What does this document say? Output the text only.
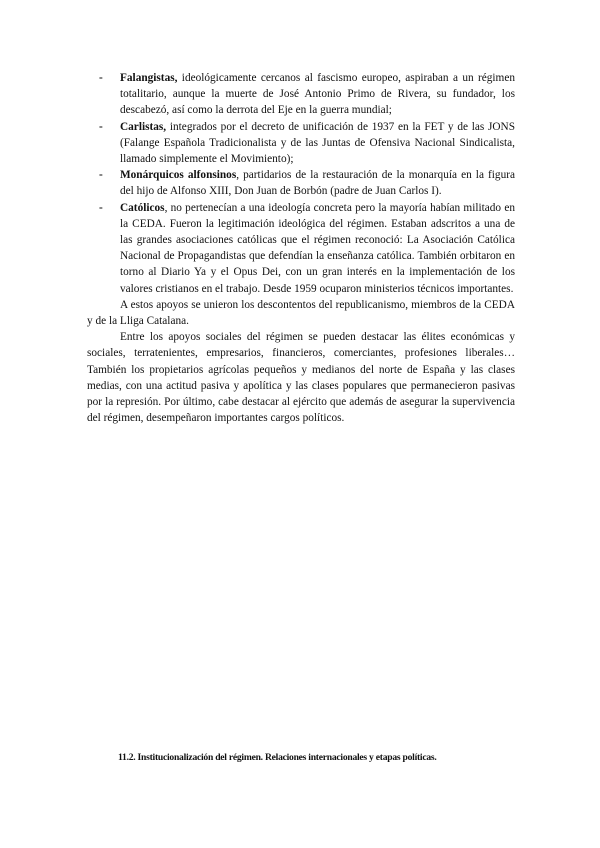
- Falangistas, ideológicamente cercanos al fascismo europeo, aspiraban a un régimen totalitario, aunque la muerte de José Antonio Primo de Rivera, su fundador, los descabezó, así como la derrota del Eje en la guerra mundial;
- Carlistas, integrados por el decreto de unificación de 1937 en la FET y de las JONS (Falange Española Tradicionalista y de las Juntas de Ofensiva Nacional Sindicalista, llamado simplemente el Movimiento);
- Monárquicos alfonsinos, partidarios de la restauración de la monarquía en la figura del hijo de Alfonso XIII, Don Juan de Borbón (padre de Juan Carlos I).
- Católicos, no pertenecían a una ideología concreta pero la mayoría habían militado en la CEDA. Fueron la legitimación ideológica del régimen. Estaban adscritos a una de las grandes asociaciones católicas que el régimen reconoció: La Asociación Católica Nacional de Propagandistas que defendían la enseñanza católica. También orbitaron en torno al Diario Ya y el Opus Dei, con un gran interés en la implementación de los valores cristianos en el trabajo. Desde 1959 ocuparon ministerios técnicos importantes.

A estos apoyos se unieron los descontentos del republicanismo, miembros de la CEDA y de la Lliga Catalana.

Entre los apoyos sociales del régimen se pueden destacar las élites económicas y sociales, terratenientes, empresarios, financieros, comerciantes, profesiones liberales… También los propietarios agrícolas pequeños y medianos del norte de España y las clases medias, con una actitud pasiva y apolítica y las clases populares que permanecieron pasivas por la represión. Por último, cabe destacar al ejército que además de asegurar la supervivencia del régimen, desempeñaron importantes cargos políticos.

11.2. Institucionalización del régimen. Relaciones internacionales y etapas políticas.
